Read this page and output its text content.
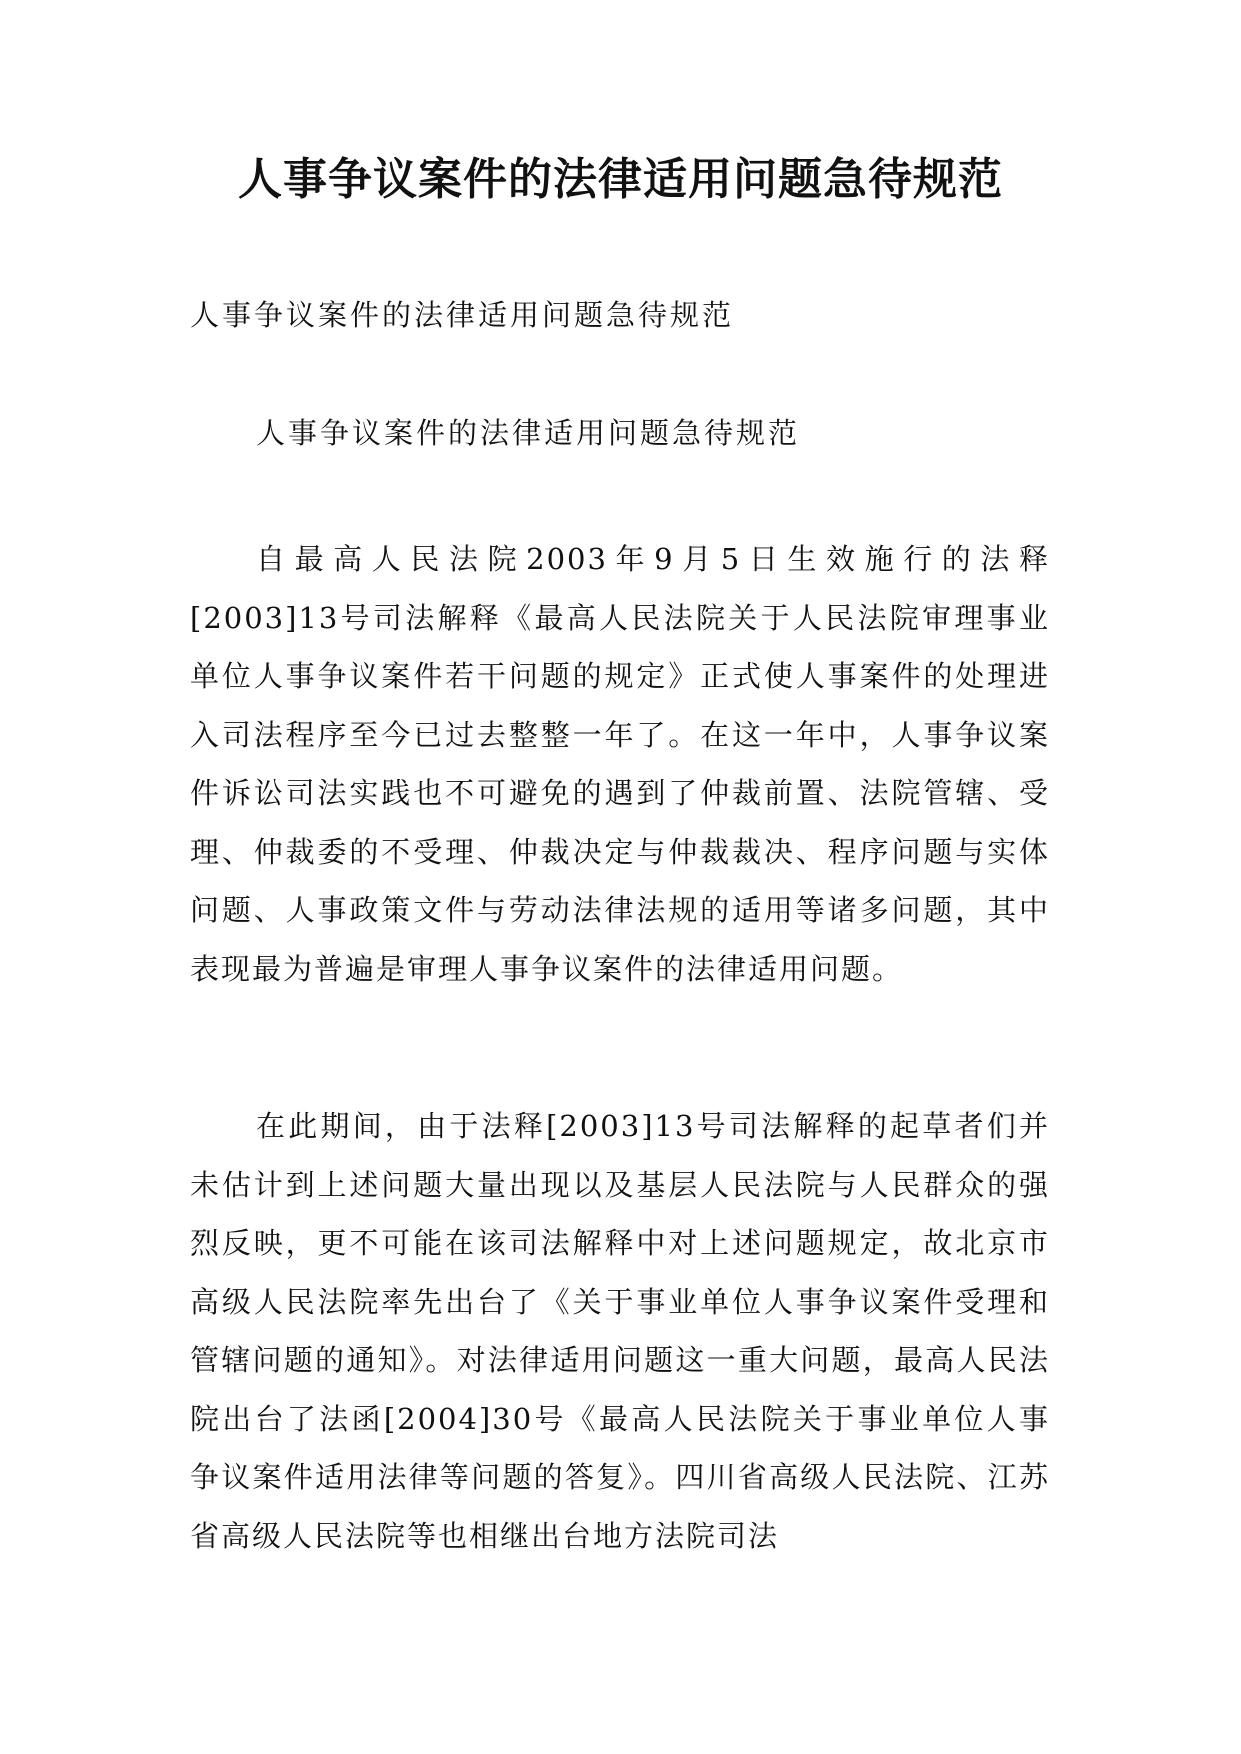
人事争议案件的法律适用问题急待规范

人事争议案件的法律适用问题急待规范

人事争议案件的法律适用问题急待规范

自最高人民法院2003年9月5日生效施行的法释[2003]13号司法解释《最高人民法院关于人民法院审理事业单位人事争议案件若干问题的规定》正式使人事案件的处理进入司法程序至今已过去整整一年了。在这一年中，人事争议案件诉讼司法实践也不可避免的遇到了仲裁前置、法院管辖、受理、仲裁委的不受理、仲裁决定与仲裁裁决、程序问题与实体问题、人事政策文件与劳动法律法规的适用等诸多问题，其中表现最为普遍是审理人事争议案件的法律适用问题。

在此期间，由于法释[2003]13号司法解释的起草者们并未估计到上述问题大量出现以及基层人民法院与人民群众的强烈反映，更不可能在该司法解释中对上述问题规定，故北京市高级人民法院率先出台了《关于事业单位人事争议案件受理和管辖问题的通知》。对法律适用问题这一重大问题，最高人民法院出台了法函[2004]30号《最高人民法院关于事业单位人事争议案件适用法律等问题的答复》。四川省高级人民法院、江苏省高级人民法院等也相继出台地方法院司法
